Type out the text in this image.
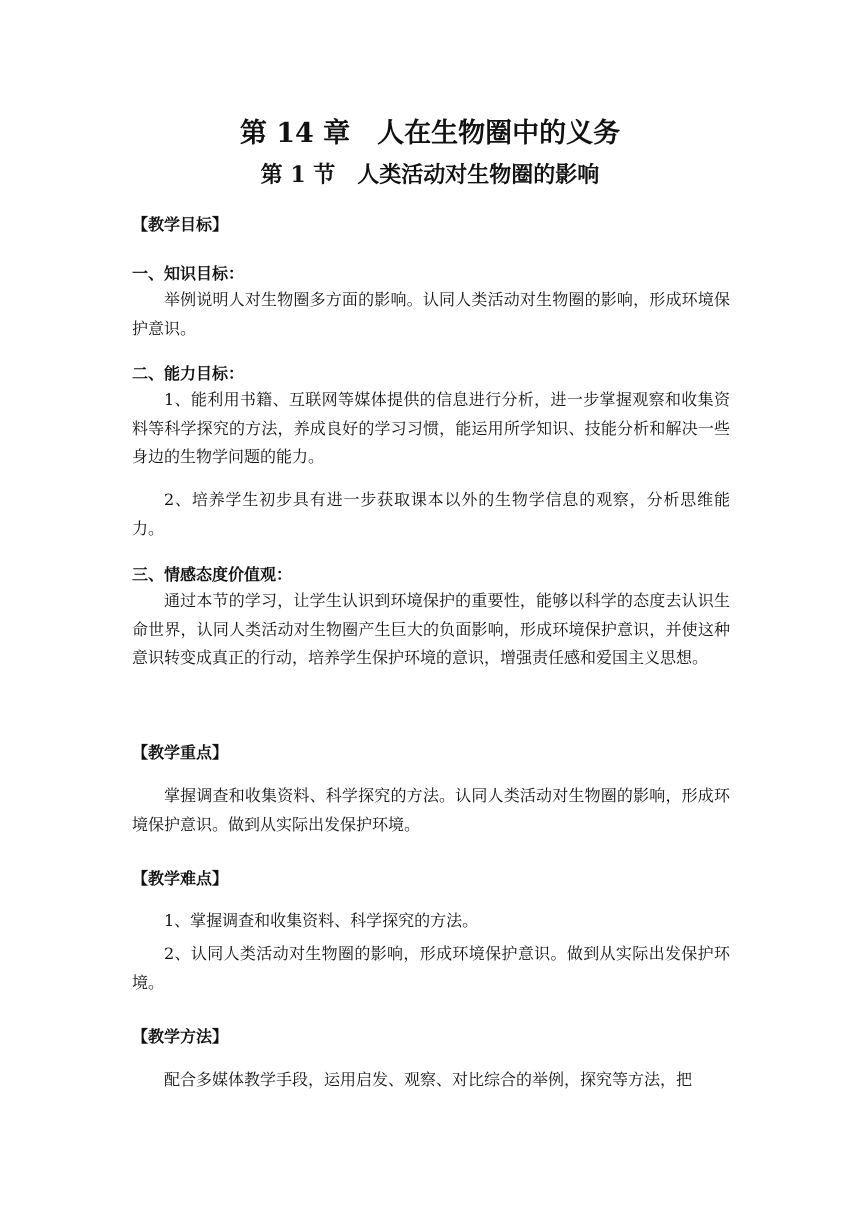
第 14 章　人在生物圈中的义务
第 1 节　人类活动对生物圈的影响
【教学目标】
一、知识目标：

举例说明人对生物圈多方面的影响。认同人类活动对生物圈的影响，形成环境保护意识。

二、能力目标：

1、能利用书籍、互联网等媒体提供的信息进行分析，进一步掌握观察和收集资料等科学探究的方法，养成良好的学习习惯，能运用所学知识、技能分析和解决一些身边的生物学问题的能力。

2、培养学生初步具有进一步获取课本以外的生物学信息的观察，分析思维能力。

三、情感态度价值观：

通过本节的学习，让学生认识到环境保护的重要性，能够以科学的态度去认识生命世界，认同人类活动对生物圈产生巨大的负面影响，形成环境保护意识，并使这种意识转变成真正的行动，培养学生保护环境的意识，增强责任感和爱国主义思想。

【教学重点】

掌握调查和收集资料、科学探究的方法。认同人类活动对生物圈的影响，形成环境保护意识。做到从实际出发保护环境。

【教学难点】

1、掌握调查和收集资料、科学探究的方法。

2、认同人类活动对生物圈的影响，形成环境保护意识。做到从实际出发保护环境。

【教学方法】

配合多媒体教学手段，运用启发、观察、对比综合的举例，探究等方法，把
